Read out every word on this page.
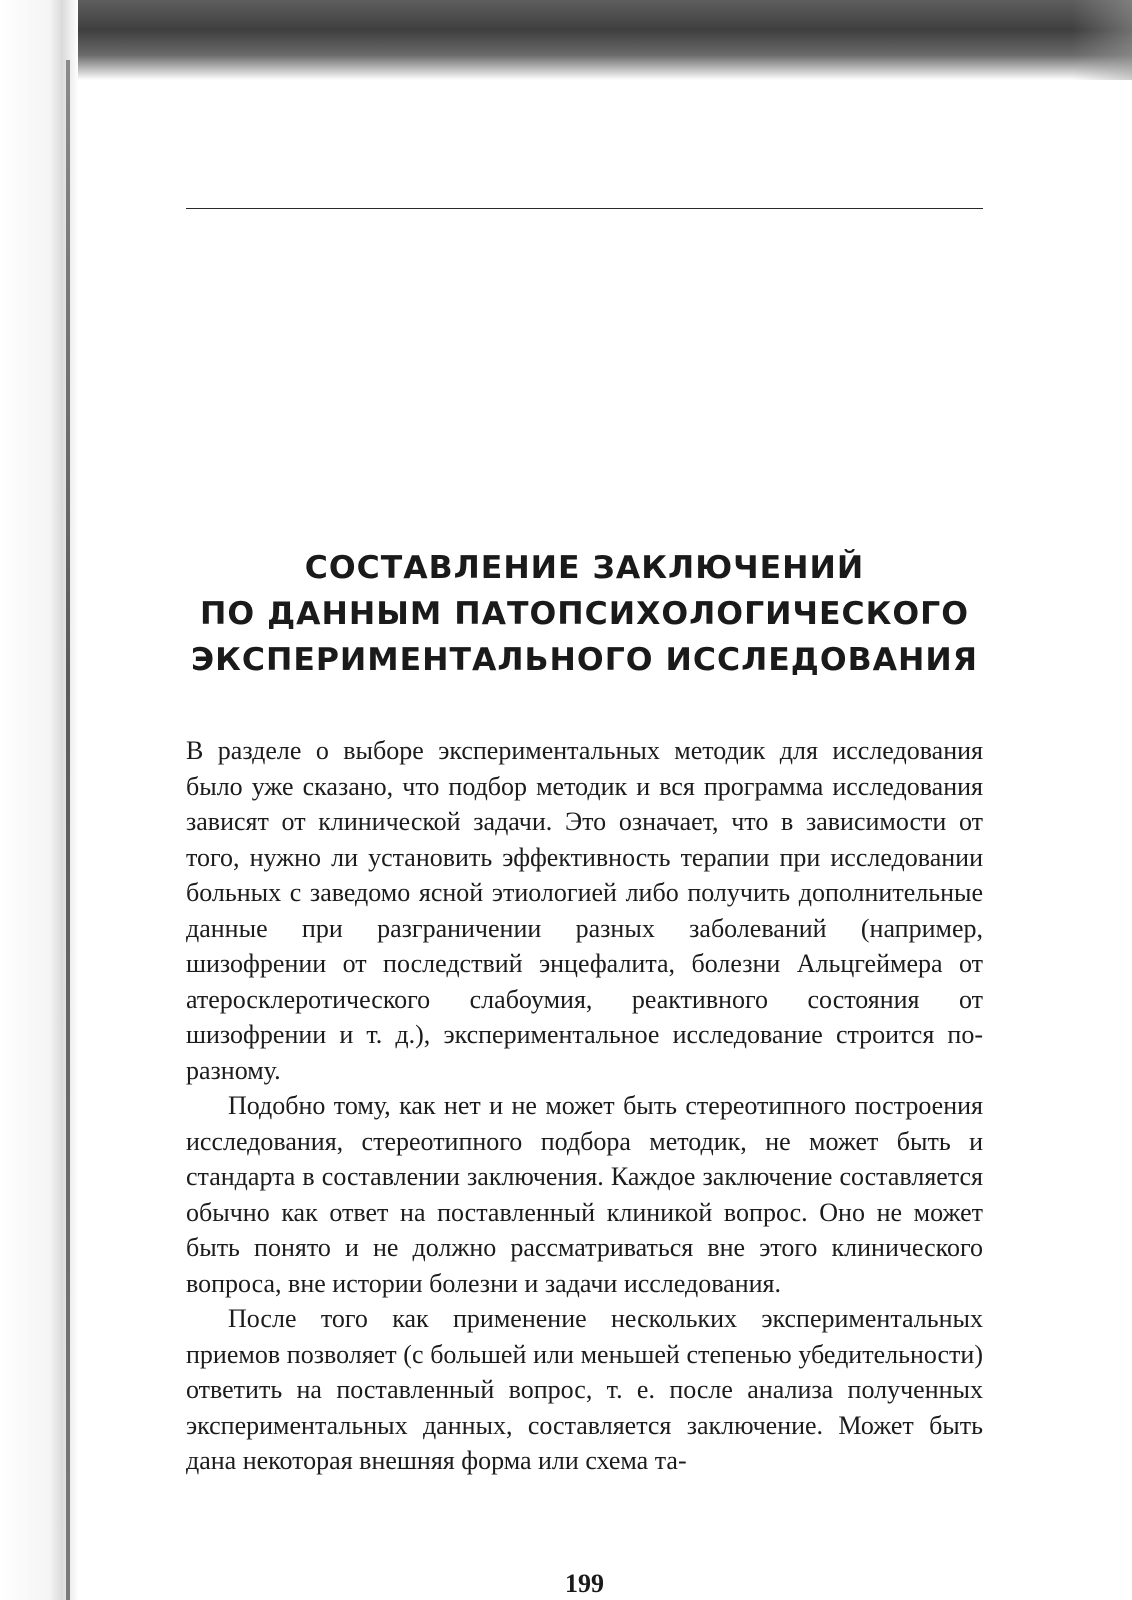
СОСТАВЛЕНИЕ ЗАКЛЮЧЕНИЙ
ПО ДАННЫМ ПАТОПСИХОЛОГИЧЕСКОГО
ЭКСПЕРИМЕНТАЛЬНОГО ИССЛЕДОВАНИЯ

В разделе о выборе экспериментальных методик для исследования было уже сказано, что подбор методик и вся программа исследования зависят от клинической задачи. Это означает, что в зависимости от того, нужно ли установить эффективность терапии при исследовании больных с заведомо ясной этиологией либо получить дополнительные данные при разграничении разных заболеваний (например, шизофрении от последствий энцефалита, болезни Альцгеймера от атеросклеротического слабоумия, реактивного состояния от шизофрении и т. д.), экспериментальное исследование строится по-разному.

Подобно тому, как нет и не может быть стереотипного построения исследования, стереотипного подбора методик, не может быть и стандарта в составлении заключения. Каждое заключение составляется обычно как ответ на поставленный клиникой вопрос. Оно не может быть понято и не должно рассматриваться вне этого клинического вопроса, вне истории болезни и задачи исследования.

После того как применение нескольких экспериментальных приемов позволяет (с большей или меньшей степенью убедительности) ответить на поставленный вопрос, т. е. после анализа полученных экспериментальных данных, составляется заключение. Может быть дана некоторая внешняя форма или схема та-

199
